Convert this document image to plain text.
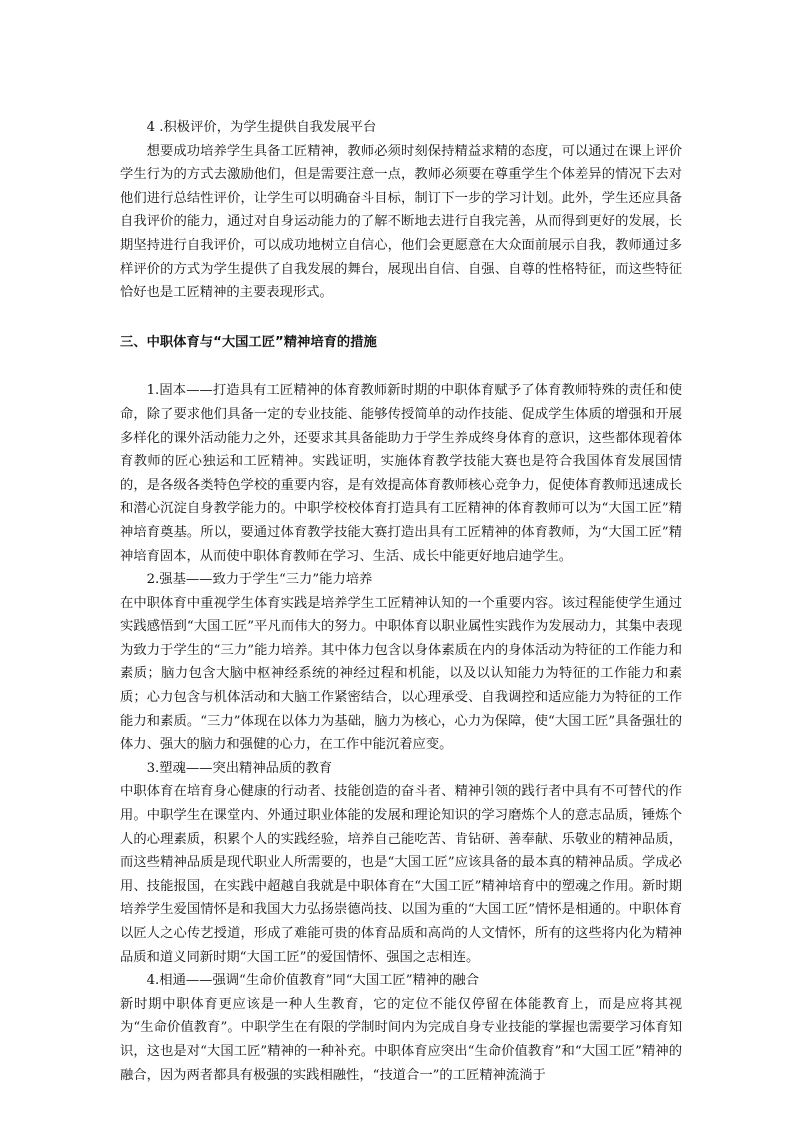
4 .积极评价，为学生提供自我发展平台

想要成功培养学生具备工匠精神，教师必须时刻保持精益求精的态度，可以通过在课上评价学生行为的方式去激励他们，但是需要注意一点，教师必须要在尊重学生个体差异的情况下去对他们进行总结性评价，让学生可以明确奋斗目标，制订下一步的学习计划。此外，学生还应具备自我评价的能力，通过对自身运动能力的了解不断地去进行自我完善，从而得到更好的发展，长期坚持进行自我评价，可以成功地树立自信心，他们会更愿意在大众面前展示自我，教师通过多样评价的方式为学生提供了自我发展的舞台，展现出自信、自强、自尊的性格特征，而这些特征恰好也是工匠精神的主要表现形式。

三、中职体育与“大国工匠”精神培育的措施

1.固本——打造具有工匠精神的体育教师新时期的中职体育赋予了体育教师特殊的责任和使命，除了要求他们具备一定的专业技能、能够传授简单的动作技能、促成学生体质的增强和开展多样化的课外活动能力之外，还要求其具备能助力于学生养成终身体育的意识，这些都体现着体育教师的匠心独运和工匠精神。实践证明，实施体育教学技能大赛也是符合我国体育发展国情的，是各级各类特色学校的重要内容，是有效提高体育教师核心竞争力，促使体育教师迅速成长和潜心沉淀自身教学能力的。中职学校校体育打造具有工匠精神的体育教师可以为“大国工匠”精神培育奠基。所以，要通过体育教学技能大赛打造出具有工匠精神的体育教师，为“大国工匠”精神培育固本，从而使中职体育教师在学习、生活、成长中能更好地启迪学生。

2.强基——致力于学生“三力”能力培养

在中职体育中重视学生体育实践是培养学生工匠精神认知的一个重要内容。该过程能使学生通过实践感悟到“大国工匠”平凡而伟大的努力。中职体育以职业属性实践作为发展动力，其集中表现为致力于学生的“三力”能力培养。其中体力包含以身体素质在内的身体活动为特征的工作能力和素质；脑力包含大脑中枢神经系统的神经过程和机能，以及以认知能力为特征的工作能力和素质；心力包含与机体活动和大脑工作紧密结合，以心理承受、自我调控和适应能力为特征的工作能力和素质。“三力”体现在以体力为基础，脑力为核心，心力为保障，使“大国工匠”具备强壮的体力、强大的脑力和强健的心力，在工作中能沉着应变。

3.塑魂——突出精神品质的教育

中职体育在培育身心健康的行动者、技能创造的奋斗者、精神引领的践行者中具有不可替代的作用。中职学生在课堂内、外通过职业体能的发展和理论知识的学习磨炼个人的意志品质，锤炼个人的心理素质，积累个人的实践经验，培养自己能吃苦、肯钻研、善奉献、乐敬业的精神品质，而这些精神品质是现代职业人所需要的，也是“大国工匠”应该具备的最本真的精神品质。学成必用、技能报国，在实践中超越自我就是中职体育在“大国工匠”精神培育中的塑魂之作用。新时期培养学生爱国情怀是和我国大力弘扬崇德尚技、以国为重的“大国工匠”情怀是相通的。中职体育以匠人之心传艺授道，形成了难能可贵的体育品质和高尚的人文情怀，所有的这些将内化为精神品质和道义同新时期“大国工匠”的爱国情怀、强国之志相连。

4.相通——强调“生命价值教育”同“大国工匠”精神的融合

新时期中职体育更应该是一种人生教育，它的定位不能仅停留在体能教育上，而是应将其视为“生命价值教育”。中职学生在有限的学制时间内为完成自身专业技能的掌握也需要学习体育知识，这也是对“大国工匠”精神的一种补充。中职体育应突出“生命价值教育”和“大国工匠”精神的融合，因为两者都具有极强的实践相融性，“技道合一”的工匠精神流淌于
